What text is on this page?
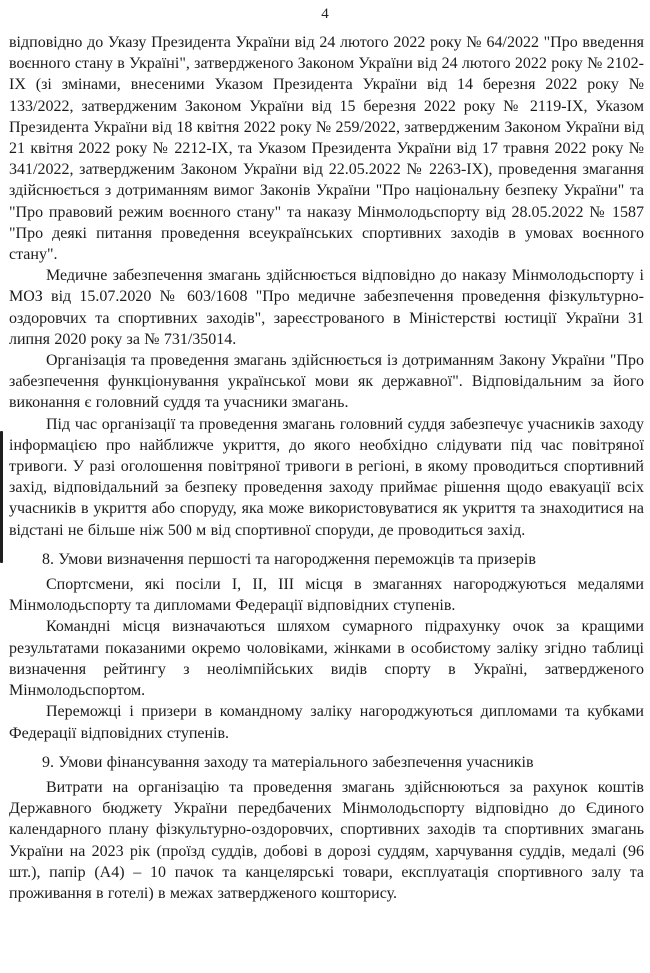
4

відповідно до Указу Президента України від 24 лютого 2022 року № 64/2022 "Про введення воєнного стану в Україні", затвердженого Законом України від 24 лютого 2022 року № 2102-IX (зі змінами, внесеними Указом Президента України від 14 березня 2022 року № 133/2022, затвердженим Законом України від 15 березня 2022 року № 2119-IX, Указом Президента України від 18 квітня 2022 року № 259/2022, затвердженим Законом України від 21 квітня 2022 року № 2212-IX, та Указом Президента України від 17 травня 2022 року № 341/2022, затвердженим Законом України від 22.05.2022 № 2263-IX), проведення змагання здійснюється з дотриманням вимог Законів України "Про національну безпеку України" та "Про правовий режим воєнного стану" та наказу Мінмолодьспорту від 28.05.2022 № 1587 "Про деякі питання проведення всеукраїнських спортивних заходів в умовах воєнного стану".

Медичне забезпечення змагань здійснюється відповідно до наказу Мінмолодьспорту і МОЗ від 15.07.2020 № 603/1608 "Про медичне забезпечення проведення фізкультурно-оздоровчих та спортивних заходів", зареєстрованого в Міністерстві юстиції України 31 липня 2020 року за № 731/35014.

Організація та проведення змагань здійснюється із дотриманням Закону України "Про забезпечення функціонування української мови як державної". Відповідальним за його виконання є головний суддя та учасники змагань.

Під час організації та проведення змагань головний суддя забезпечує учасників заходу інформацією про найближче укриття, до якого необхідно слідувати під час повітряної тривоги. У разі оголошення повітряної тривоги в регіоні, в якому проводиться спортивний захід, відповідальний за безпеку проведення заходу приймає рішення щодо евакуації всіх учасників в укриття або споруду, яка може використовуватися як укриття та знаходитися на відстані не більше ніж 500 м від спортивної споруди, де проводиться захід.

8. Умови визначення першості та нагородження переможців та призерів

Спортсмени, які посіли I, II, III місця в змаганнях нагороджуються медалями Мінмолодьспорту та дипломами Федерації відповідних ступенів.

Командні місця визначаються шляхом сумарного підрахунку очок за кращими результатами показаними окремо чоловіками, жінками в особистому заліку згідно таблиці визначення рейтингу з неолімпійських видів спорту в Україні, затвердженого Мінмолодьспортом.

Переможці і призери в командному заліку нагороджуються дипломами та кубками Федерації відповідних ступенів.

9. Умови фінансування заходу та матеріального забезпечення учасників

Витрати на організацію та проведення змагань здійснюються за рахунок коштів Державного бюджету України передбачених Мінмолодьспорту відповідно до Єдиного календарного плану фізкультурно-оздоровчих, спортивних заходів та спортивних змагань України на 2023 рік (проїзд суддів, добові в дорозі суддям, харчування суддів, медалі (96 шт.), папір (А4) – 10 пачок та канцелярські товари, експлуатація спортивного залу та проживання в готелі) в межах затвердженого кошторису.
